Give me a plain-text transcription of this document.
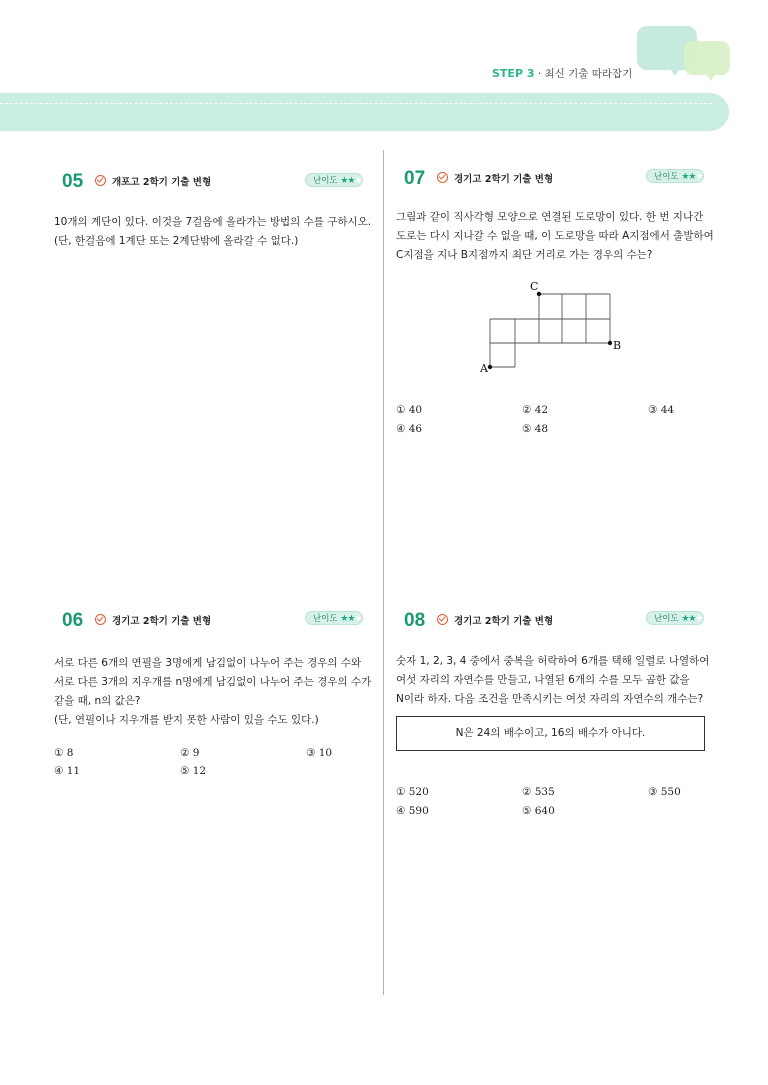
STEP 3 · 최신 기출 따라잡기
05	개포고 2학기 기출 변형	난이도 ★★★
10개의 계단이 있다. 이것을 7걸음에 올라가는 방법의 수를 구하시오.
(단, 한걸음에 1계단 또는 2계단밖에 올라갈 수 없다.)
07	경기고 2학기 기출 변형	난이도 ★★★
그림과 같이 직사각형 모양으로 연결된 도로망이 있다. 한 번 지나간
도로는 다시 지나갈 수 없을 때, 이 도로망을 따라 A지점에서 출발하여
C지점을 지나 B지점까지 최단 거리로 가는 경우의 수는?
A
B
C
① 40	② 42	③ 44
④ 46	⑤ 48
06	경기고 2학기 기출 변형	난이도 ★★★
서로 다른 6개의 연필을 3명에게 남김없이 나누어 주는 경우의 수와
서로 다른 3개의 지우개를 n명에게 남김없이 나누어 주는 경우의 수가
같을 때, n의 값은?
(단, 연필이나 지우개를 받지 못한 사람이 있을 수도 있다.)
① 8	② 9	③ 10
④ 11	⑤ 12
08	경기고 2학기 기출 변형	난이도 ★★★
숫자 1, 2, 3, 4 중에서 중복을 허락하여 6개를 택해 일렬로 나열하여
여섯 자리의 자연수를 만들고, 나열된 6개의 수를 모두 곱한 값을
N이라 하자. 다음 조건을 만족시키는 여섯 자리의 자연수의 개수는?
N은 24의 배수이고, 16의 배수가 아니다.
① 520	② 535	③ 550
④ 590	⑤ 640
